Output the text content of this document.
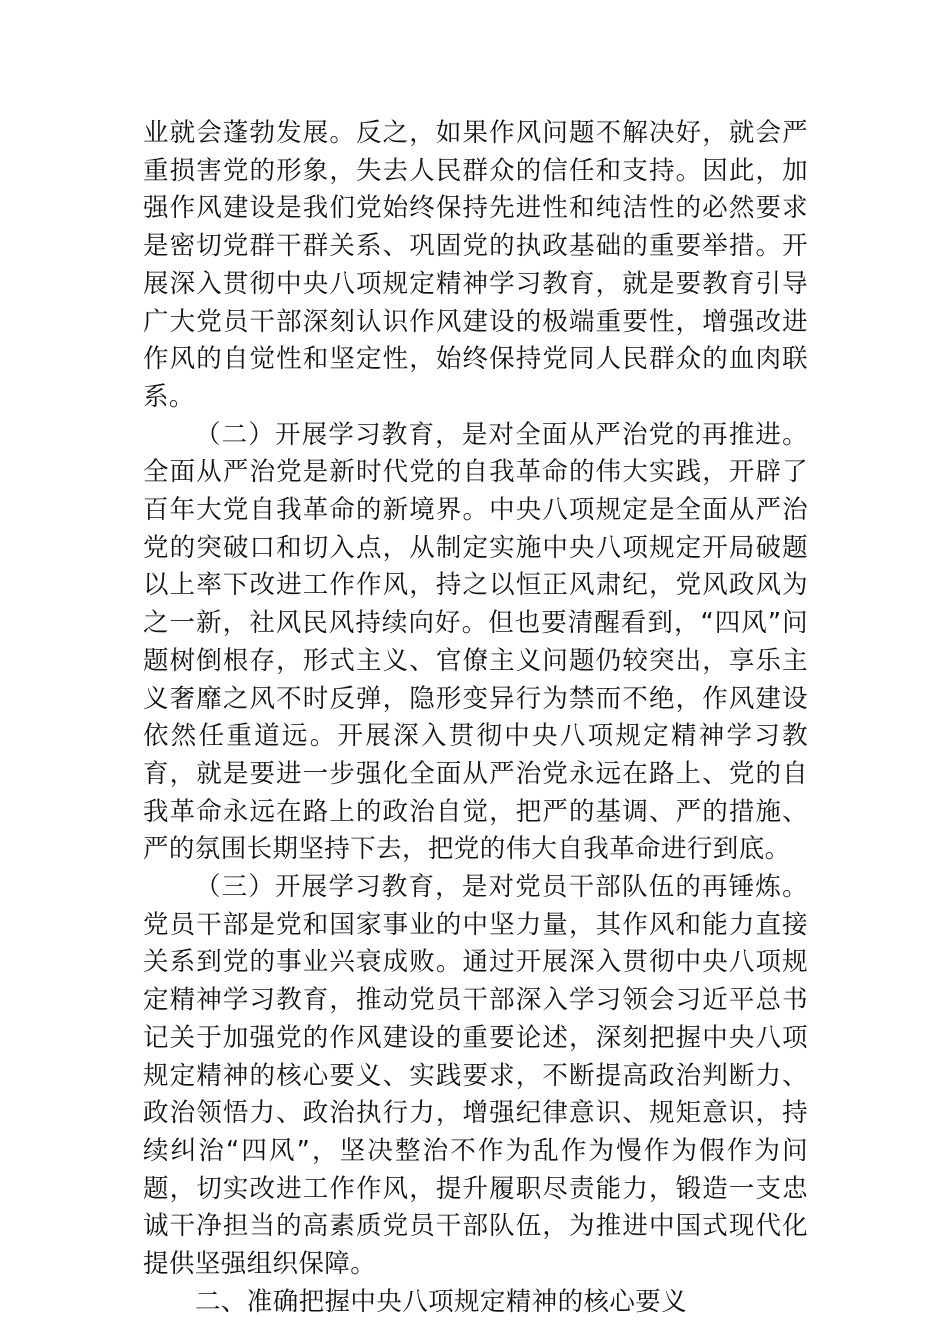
业就会蓬勃发展。反之，如果作风问题不解决好，就会严重损害党的形象，失去人民群众的信任和支持。因此，加强作风建设是我们党始终保持先进性和纯洁性的必然要求是密切党群干群关系、巩固党的执政基础的重要举措。开展深入贯彻中央八项规定精神学习教育，就是要教育引导广大党员干部深刻认识作风建设的极端重要性，增强改进作风的自觉性和坚定性，始终保持党同人民群众的血肉联系。

（二）开展学习教育，是对全面从严治党的再推进。全面从严治党是新时代党的自我革命的伟大实践，开辟了百年大党自我革命的新境界。中央八项规定是全面从严治党的突破口和切入点，从制定实施中央八项规定开局破题以上率下改进工作作风，持之以恒正风肃纪，党风政风为之一新，社风民风持续向好。但也要清醒看到，“四风”问题树倒根存，形式主义、官僚主义问题仍较突出，享乐主义奢靡之风不时反弹，隐形变异行为禁而不绝，作风建设依然任重道远。开展深入贯彻中央八项规定精神学习教育，就是要进一步强化全面从严治党永远在路上、党的自我革命永远在路上的政治自觉，把严的基调、严的措施、严的氛围长期坚持下去，把党的伟大自我革命进行到底。

（三）开展学习教育，是对党员干部队伍的再锤炼。党员干部是党和国家事业的中坚力量，其作风和能力直接关系到党的事业兴衰成败。通过开展深入贯彻中央八项规定精神学习教育，推动党员干部深入学习领会习近平总书记关于加强党的作风建设的重要论述，深刻把握中央八项规定精神的核心要义、实践要求，不断提高政治判断力、政治领悟力、政治执行力，增强纪律意识、规矩意识，持续纠治“四风”，坚决整治不作为乱作为慢作为假作为问题，切实改进工作作风，提升履职尽责能力，锻造一支忠诚干净担当的高素质党员干部队伍，为推进中国式现代化提供坚强组织保障。

二、准确把握中央八项规定精神的核心要义
